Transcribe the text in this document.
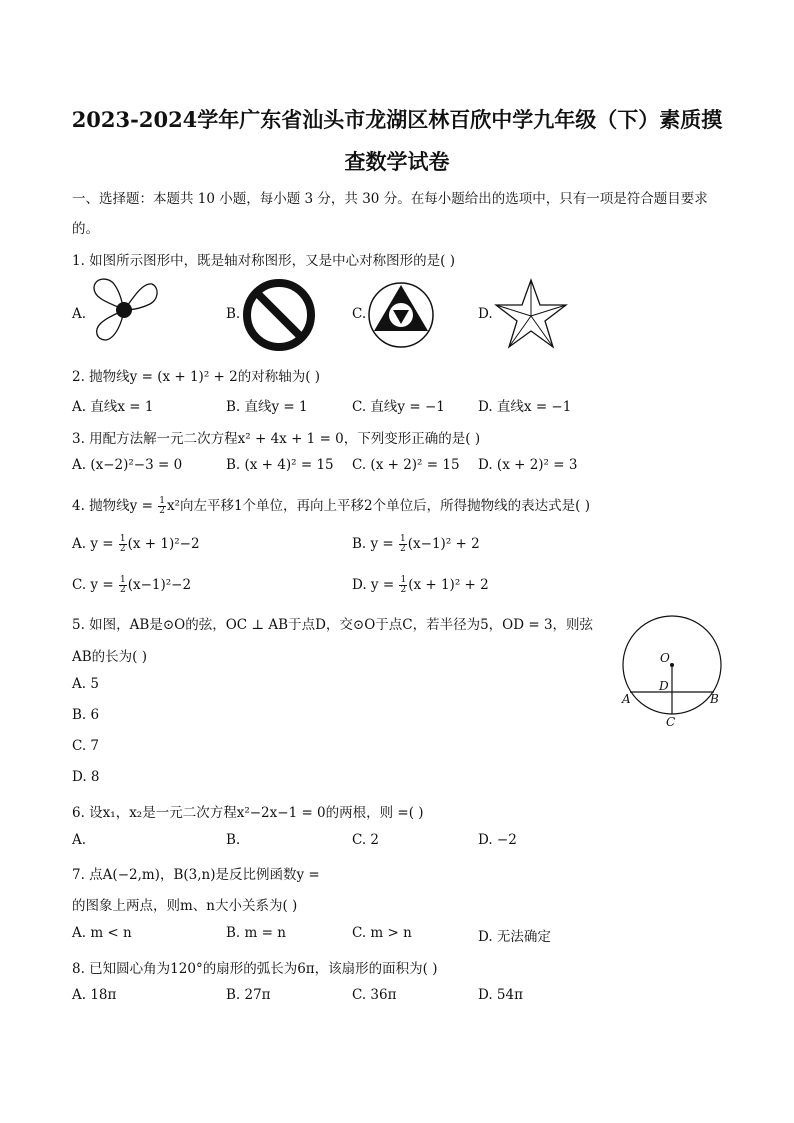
2023-2024学年广东省汕头市龙湖区林百欣中学九年级（下）素质摸
查数学试卷
一、选择题：本题共 10 小题，每小题 3 分，共 30 分。在每小题给出的选项中，只有一项是符合题目要求
的。
1. 如图所示图形中，既是轴对称图形，又是中心对称图形的是( )
A.	B.	C.	D.
2. 抛物线y = (x + 1)² + 2的对称轴为( )
A. 直线x = 1	B. 直线y = 1	C. 直线y = −1 D. 直线x = −1
3. 用配方法解一元二次方程x² + 4x + 1 = 0，下列变形正确的是( )
A. (x−2)²−3 = 0	B. (x + 4)² = 15 C. (x + 2)² = 15 D. (x + 2)² = 3
4. 抛物线$y = \frac{1}{2} x^2$向左平移1个单位，再向上平移2个单位后，所得抛物线的表达式是( )
A. $y = \frac{1}{2} (x + 1)^2-2$	B. $y = \frac{1}{2} (x-1)^2 + 2$
C. $y = \frac{1}{2} (x-1)^2-2$	D. $y = \frac{1}{2} (x + 1)^2 + 2$
5. 如图，AB是⊙O的弦，OC ⊥ AB于点D，交⊙O于点C，若半径为5，OD = 3，则弦
AB的长为( )
A. 5
B. 6
C. 7
D. 8
O
D
A	B
C
6. 设x₁，x₂是一元二次方程x²−2x−1 = 0的两根，则 =( )
A.	B.	C. 2	D. −2
7. 点A(−2,m)，B(3,n)是反比例函数y =
的图象上两点，则m、n大小关系为( )
A. m < n	B. m = n	C. m > n	D. 无法确定
8. 已知圆心角为120°的扇形的弧长为6π，该扇形的面积为( )
A. 18π	B. 27π	C. 36π	D. 54π
